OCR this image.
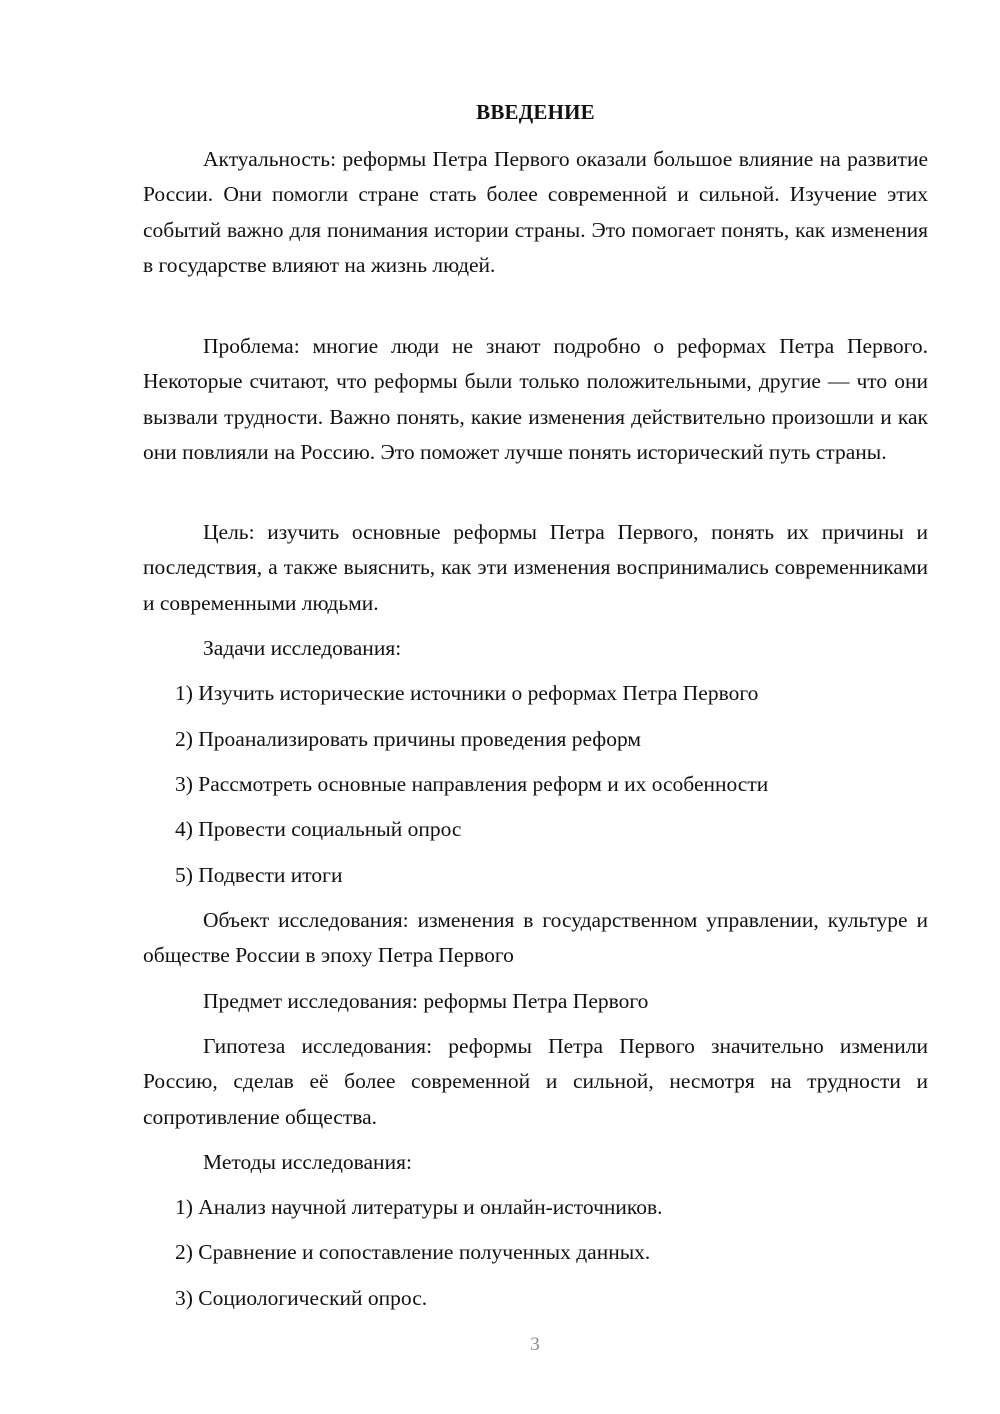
ВВЕДЕНИЕ

Актуальность: реформы Петра Первого оказали большое влияние на развитие России. Они помогли стране стать более современной и сильной. Изучение этих событий важно для понимания истории страны. Это помогает понять, как изменения в государстве влияют на жизнь людей.

Проблема: многие люди не знают подробно о реформах Петра Первого. Некоторые считают, что реформы были только положительными, другие — что они вызвали трудности. Важно понять, какие изменения действительно произошли и как они повлияли на Россию. Это поможет лучше понять исторический путь страны.

Цель: изучить основные реформы Петра Первого, понять их причины и последствия, а также выяснить, как эти изменения воспринимались современниками и современными людьми.

Задачи исследования:

1) Изучить исторические источники о реформах Петра Первого

2) Проанализировать причины проведения реформ

3) Рассмотреть основные направления реформ и их особенности

4) Провести социальный опрос

5) Подвести итоги

Объект исследования: изменения в государственном управлении, культуре и обществе России в эпоху Петра Первого

Предмет исследования: реформы Петра Первого

Гипотеза исследования: реформы Петра Первого значительно изменили Россию, сделав её более современной и сильной, несмотря на трудности и сопротивление общества.

Методы исследования:

1) Анализ научной литературы и онлайн-источников.

2) Сравнение и сопоставление полученных данных.

3) Социологический опрос.

3
